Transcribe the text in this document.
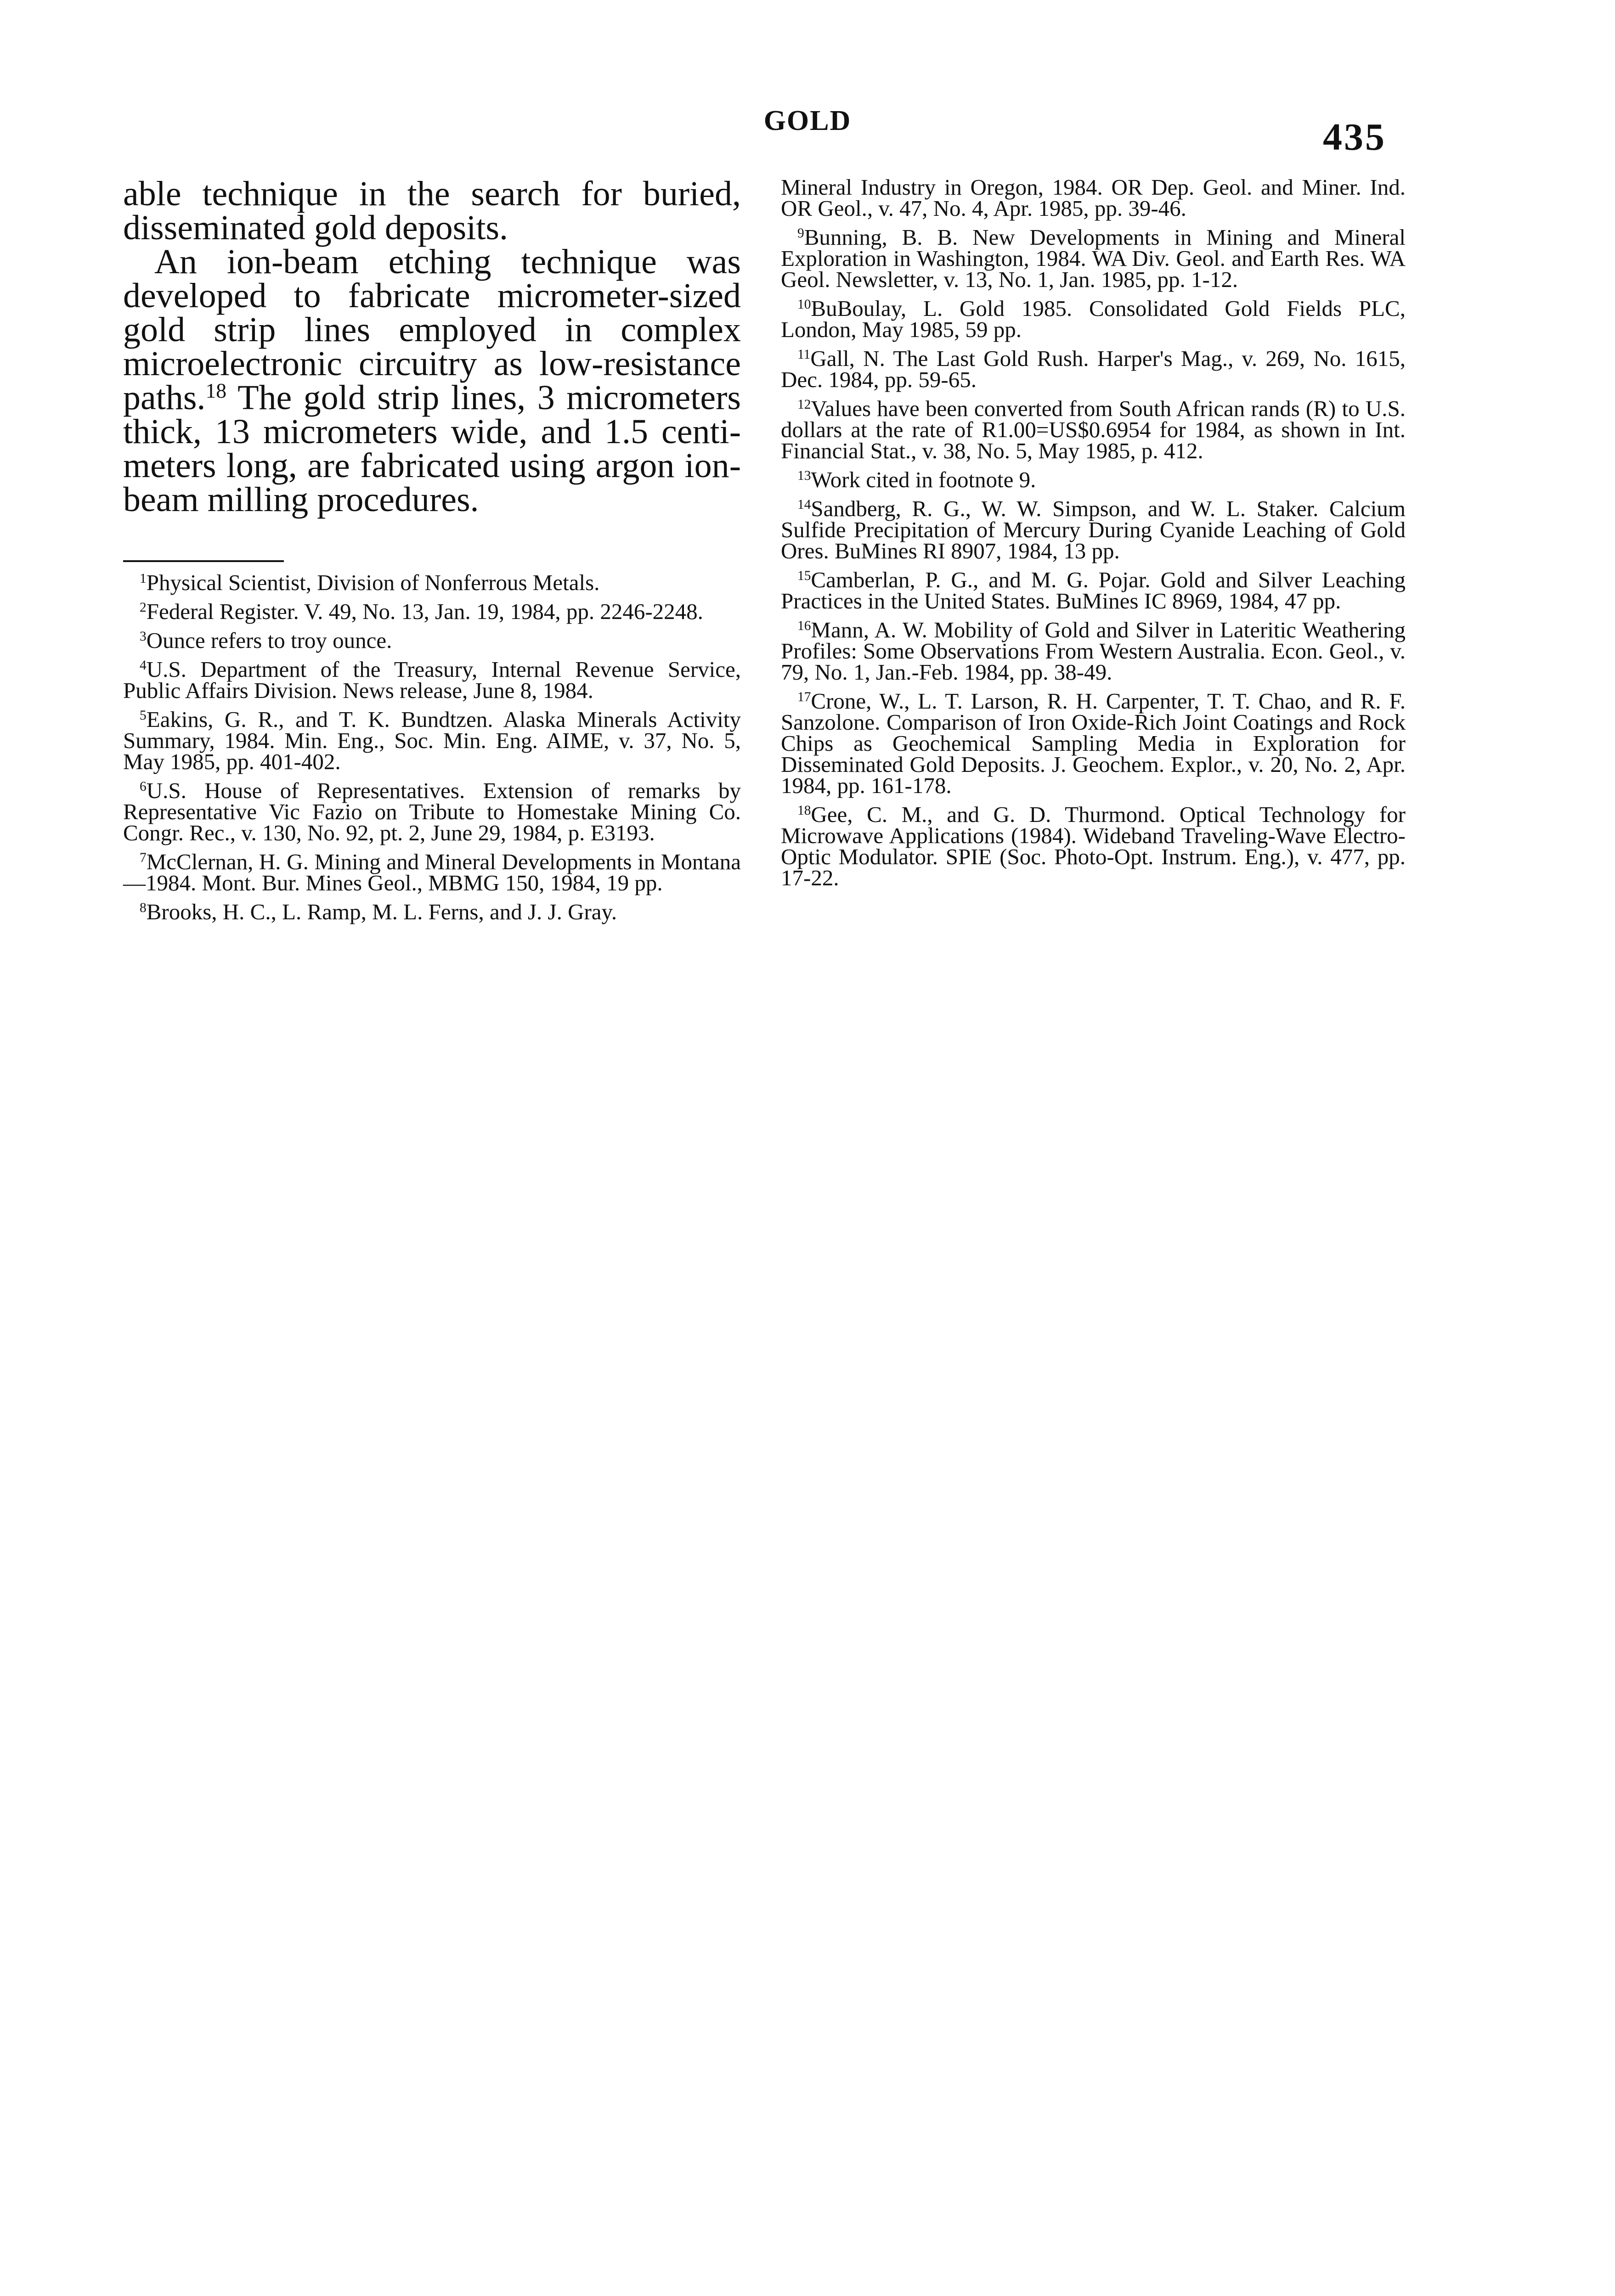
GOLD	435

able technique in the search for buried, disseminated gold deposits.

An ion-beam etching technique was developed to fabricate micrometer-sized gold strip lines employed in complex microelectronic circuitry as low-resistance paths.$^{18}$ The gold strip lines, 3 micrometers thick, 13 micrometers wide, and 1.5 centimeters long, are fabricated using argon ionbeam milling procedures.

$^1$Physical Scientist, Division of Nonferrous Metals.

$^2$Federal Register. V. 49, No. 13, Jan. 19, 1984, pp. 2246-2248.

$^3$Ounce refers to troy ounce.

$^4$U.S. Department of the Treasury, Internal Revenue Service, Public Affairs Division. News release, June 8, 1984.

$^5$Eakins, G. R., and T. K. Bundtzen. Alaska Minerals Activity Summary, 1984. Min. Eng., Soc. Min. Eng. AIME, v. 37, No. 5, May 1985, pp. 401-402.

$^6$U.S. House of Representatives. Extension of remarks by Representative Vic Fazio on Tribute to Homestake Mining Co. Congr. Rec., v. 130, No. 92, pt. 2, June 29, 1984, p. E3193.

$^7$McClernan, H. G. Mining and Mineral Developments in Montana—1984. Mont. Bur. Mines Geol., MBMG 150, 1984, 19 pp.

$^8$Brooks, H. C., L. Ramp, M. L. Ferns, and J. J. Gray.

Mineral Industry in Oregon, 1984. OR Dep. Geol. and Miner. Ind. OR Geol., v. 47, No. 4, Apr. 1985, pp. 39-46.

$^9$Bunning, B. B. New Developments in Mining and Mineral Exploration in Washington, 1984. WA Div. Geol. and Earth Res. WA Geol. Newsletter, v. 13, No. 1, Jan. 1985, pp. 1-12.

$^{10}$BuBoulay, L. Gold 1985. Consolidated Gold Fields PLC, London, May 1985, 59 pp.

$^{11}$Gall, N. The Last Gold Rush. Harper's Mag., v. 269, No. 1615, Dec. 1984, pp. 59-65.

$^{12}$Values have been converted from South African rands (R) to U.S. dollars at the rate of R1.00=US$0.6954 for 1984, as shown in Int. Financial Stat., v. 38, No. 5, May 1985, p. 412.

$^{13}$Work cited in footnote 9.

$^{14}$Sandberg, R. G., W. W. Simpson, and W. L. Staker. Calcium Sulfide Precipitation of Mercury During Cyanide Leaching of Gold Ores. BuMines RI 8907, 1984, 13 pp.

$^{15}$Camberlan, P. G., and M. G. Pojar. Gold and Silver Leaching Practices in the United States. BuMines IC 8969, 1984, 47 pp.

$^{16}$Mann, A. W. Mobility of Gold and Silver in Lateritic Weathering Profiles: Some Observations From Western Australia. Econ. Geol., v. 79, No. 1, Jan.-Feb. 1984, pp. 38-49.

$^{17}$Crone, W., L. T. Larson, R. H. Carpenter, T. T. Chao, and R. F. Sanzolone. Comparison of Iron Oxide-Rich Joint Coatings and Rock Chips as Geochemical Sampling Media in Exploration for Disseminated Gold Deposits. J. Geochem. Explor., v. 20, No. 2, Apr. 1984, pp. 161-178.

$^{18}$Gee, C. M., and G. D. Thurmond. Optical Technology for Microwave Applications (1984). Wideband Traveling-Wave Electro-Optic Modulator. SPIE (Soc. Photo-Opt. Instrum. Eng.), v. 477, pp. 17-22.
